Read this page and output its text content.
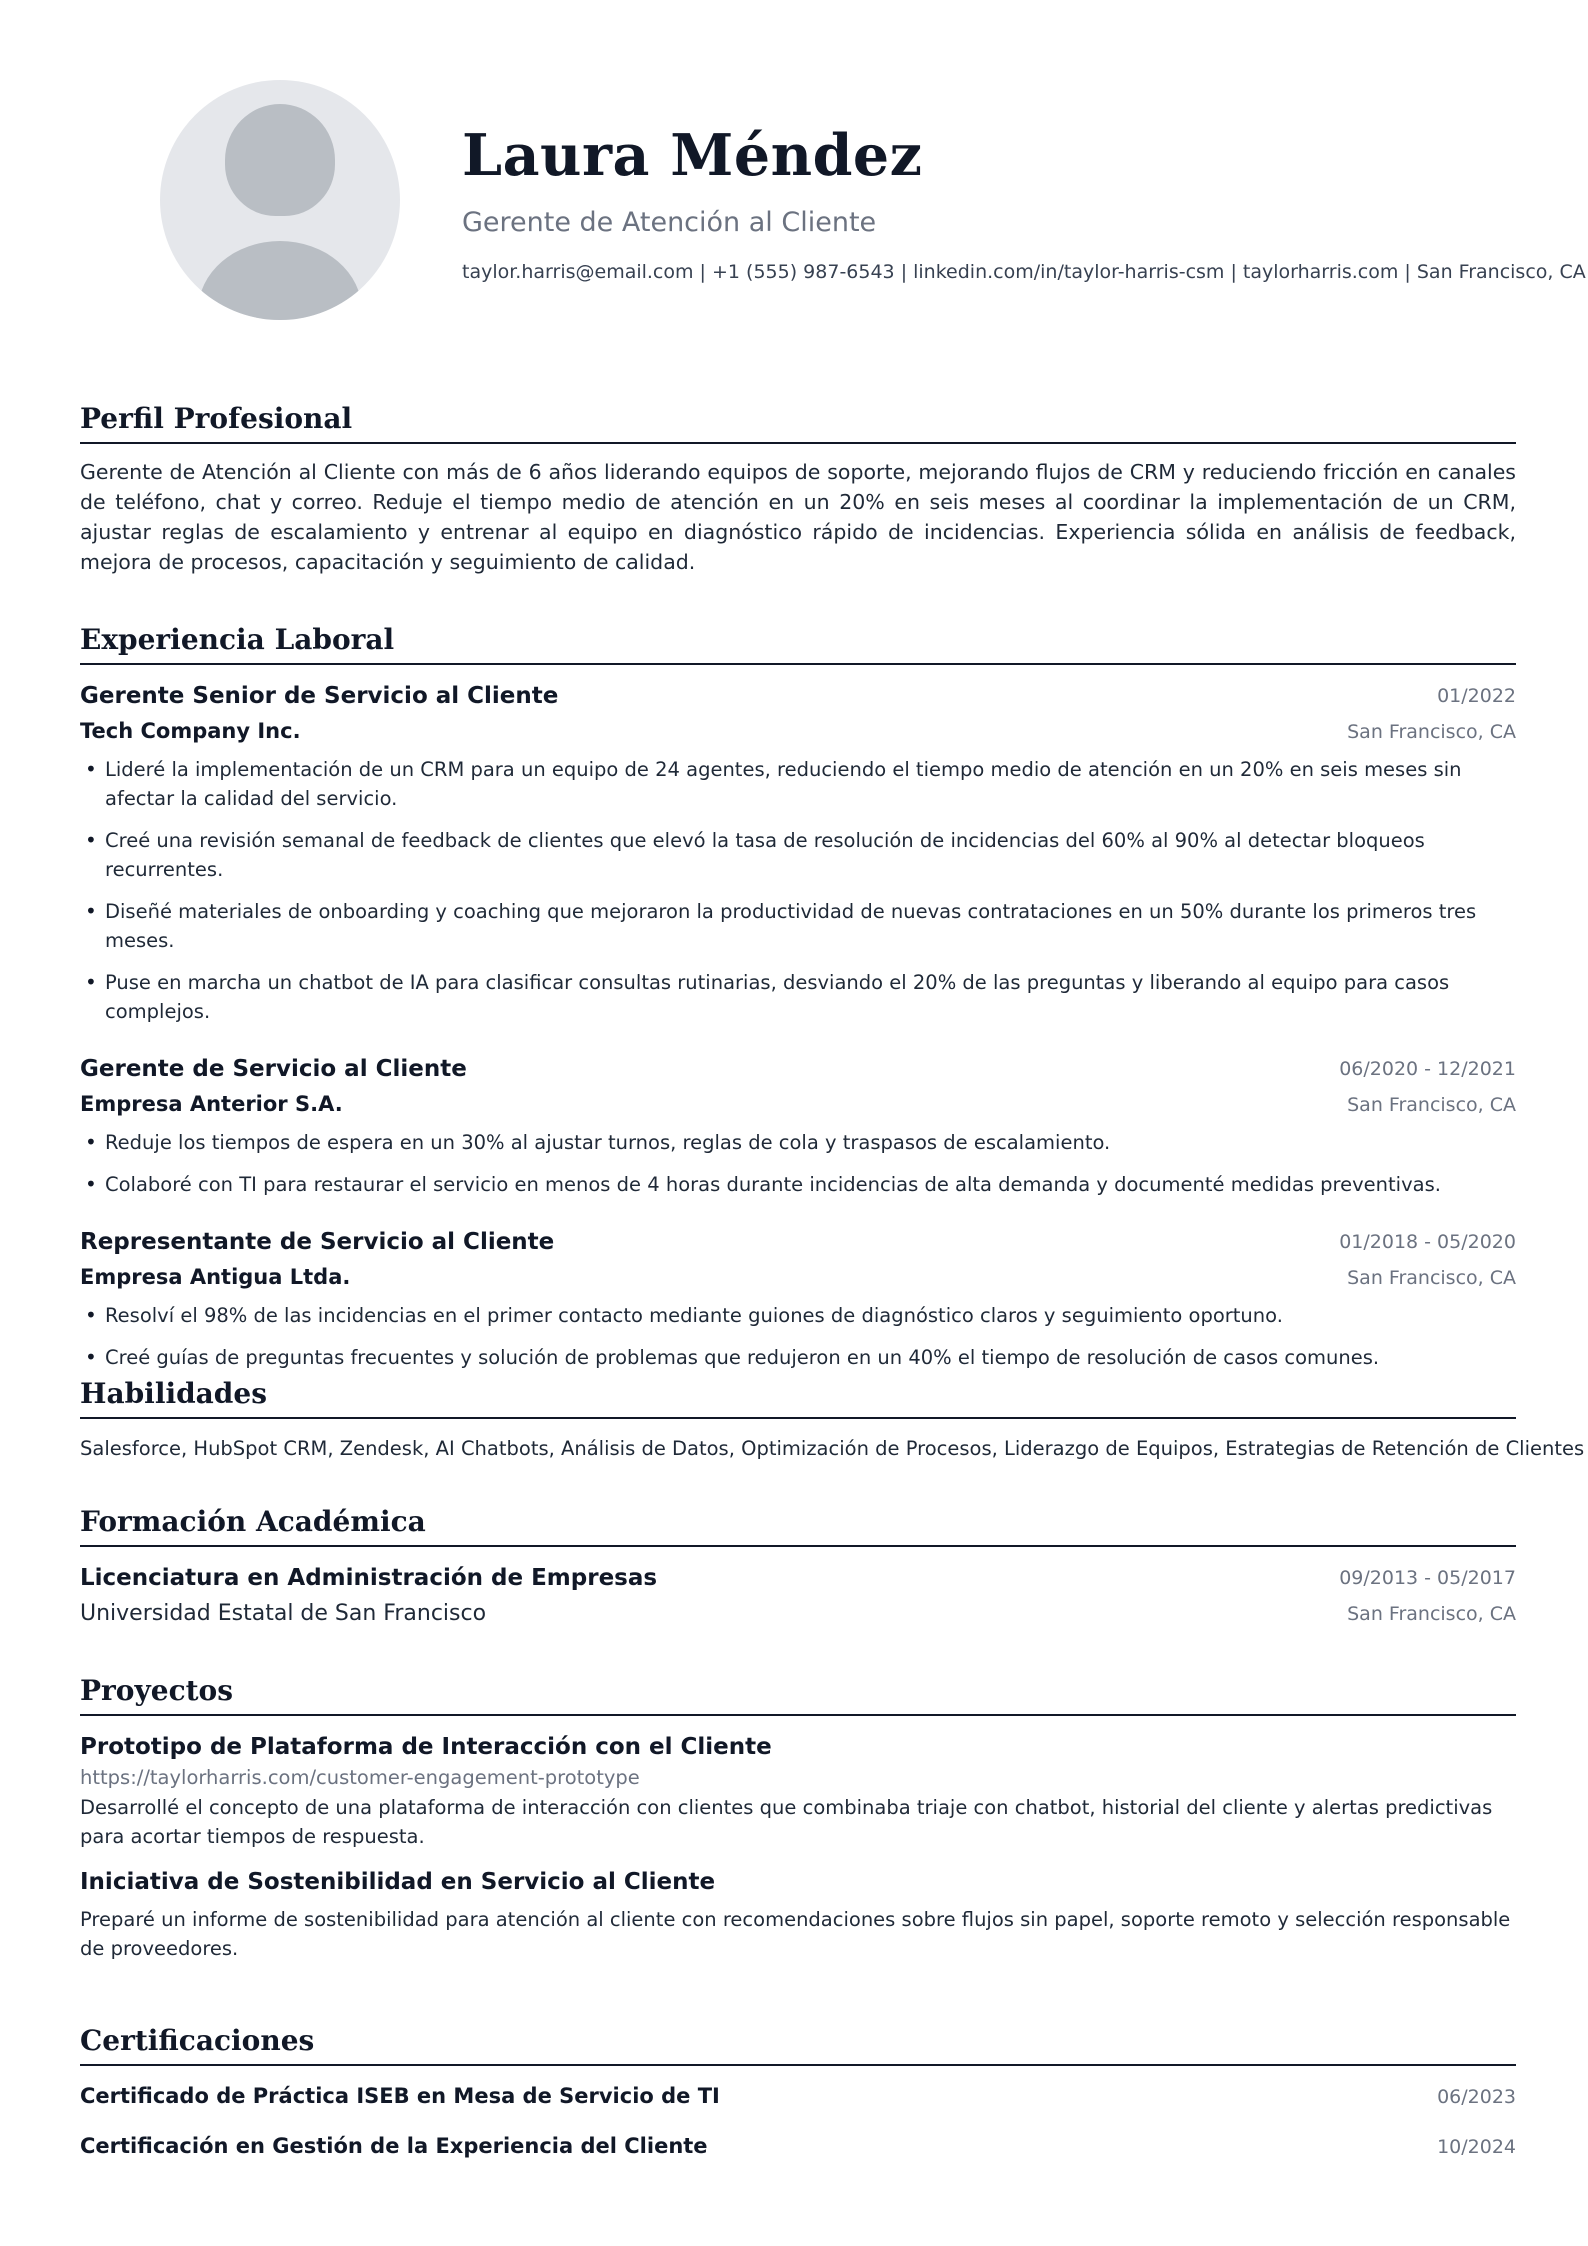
Laura Méndez
Gerente de Atención al Cliente
taylor.harris@email.com | +1 (555) 987-6543 | linkedin.com/in/taylor-harris-csm | taylorharris.com | San Francisco, CA
Perfil Profesional

Gerente de Atención al Cliente con más de 6 años liderando equipos de soporte, mejorando flujos de CRM y reduciendo fricción en canales de teléfono, chat y correo. Reduje el tiempo medio de atención en un 20% en seis meses al coordinar la implementación de un CRM, ajustar reglas de escalamiento y entrenar al equipo en diagnóstico rápido de incidencias. Experiencia sólida en análisis de feedback, mejora de procesos, capacitación y seguimiento de calidad.

Experiencia Laboral
Gerente Senior de Servicio al Cliente	01/2022
Tech Company Inc.	San Francisco, CA
• Lideré la implementación de un CRM para un equipo de 24 agentes, reduciendo el tiempo medio de atención en un 20% en seis meses sin afectar la calidad del servicio.
• Creé una revisión semanal de feedback de clientes que elevó la tasa de resolución de incidencias del 60% al 90% al detectar bloqueos recurrentes.
• Diseñé materiales de onboarding y coaching que mejoraron la productividad de nuevas contrataciones en un 50% durante los primeros tres meses.
• Puse en marcha un chatbot de IA para clasificar consultas rutinarias, desviando el 20% de las preguntas y liberando al equipo para casos complejos.
Gerente de Servicio al Cliente	06/2020 - 12/2021
Empresa Anterior S.A.	San Francisco, CA
• Reduje los tiempos de espera en un 30% al ajustar turnos, reglas de cola y traspasos de escalamiento.
• Colaboré con TI para restaurar el servicio en menos de 4 horas durante incidencias de alta demanda y documenté medidas preventivas.
Representante de Servicio al Cliente	01/2018 - 05/2020
Empresa Antigua Ltda.	San Francisco, CA
• Resolví el 98% de las incidencias en el primer contacto mediante guiones de diagnóstico claros y seguimiento oportuno.
• Creé guías de preguntas frecuentes y solución de problemas que redujeron en un 40% el tiempo de resolución de casos comunes.
Habilidades
Salesforce, HubSpot CRM, Zendesk, AI Chatbots, Análisis de Datos, Optimización de Procesos, Liderazgo de Equipos, Estrategias de Retención de Clientes
Formación Académica
Licenciatura en Administración de Empresas	09/2013 - 05/2017
Universidad Estatal de San Francisco	San Francisco, CA
Proyectos
Prototipo de Plataforma de Interacción con el Cliente
https://taylorharris.com/customer-engagement-prototype
Desarrollé el concepto de una plataforma de interacción con clientes que combinaba triaje con chatbot, historial del cliente y alertas predictivas para acortar tiempos de respuesta.
Iniciativa de Sostenibilidad en Servicio al Cliente
Preparé un informe de sostenibilidad para atención al cliente con recomendaciones sobre flujos sin papel, soporte remoto y selección responsable de proveedores.
Certificaciones
Certificado de Práctica ISEB en Mesa de Servicio de TI	06/2023
Certificación en Gestión de la Experiencia del Cliente	10/2024
